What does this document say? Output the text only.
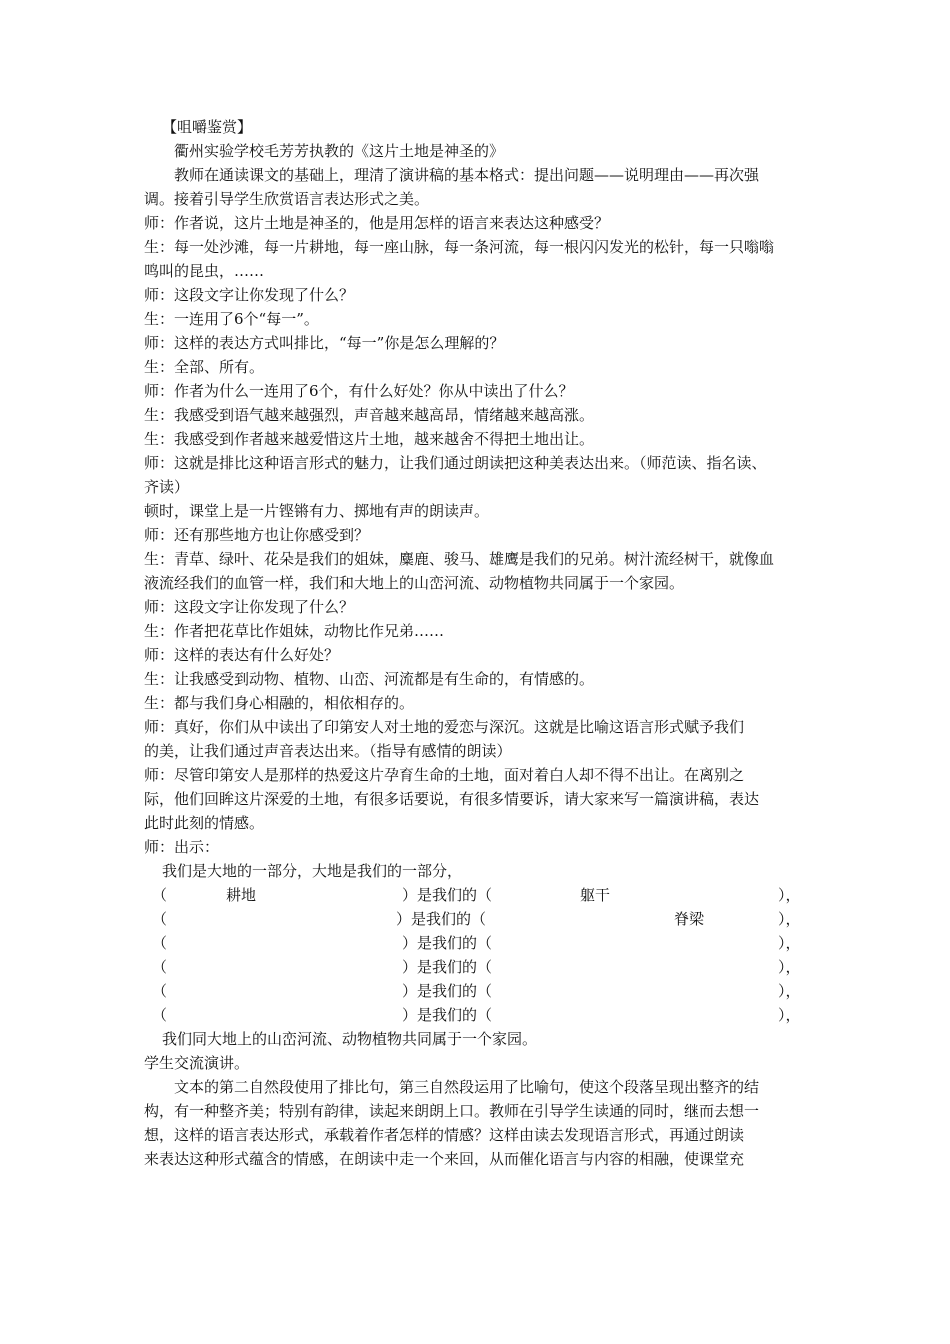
【咀嚼鉴赏】
衢州实验学校毛芳芳执教的《这片土地是神圣的》
教师在通读课文的基础上，理清了演讲稿的基本格式：提出问题——说明理由——再次强
调。接着引导学生欣赏语言表达形式之美。
师：作者说，这片土地是神圣的，他是用怎样的语言来表达这种感受？
生：每一处沙滩，每一片耕地，每一座山脉，每一条河流，每一根闪闪发光的松针，每一只嗡嗡
鸣叫的昆虫，……
师：这段文字让你发现了什么？
生：一连用了6个“每一”。
师：这样的表达方式叫排比，“每一”你是怎么理解的？
生：全部、所有。
师：作者为什么一连用了6个，有什么好处？你从中读出了什么？
生：我感受到语气越来越强烈，声音越来越高昂，情绪越来越高涨。
生：我感受到作者越来越爱惜这片土地，越来越舍不得把土地出让。
师：这就是排比这种语言形式的魅力，让我们通过朗读把这种美表达出来。（师范读、指名读、
齐读）
顿时，课堂上是一片铿锵有力、掷地有声的朗读声。
师：还有那些地方也让你感受到？
生：青草、绿叶、花朵是我们的姐妹，麋鹿、骏马、雄鹰是我们的兄弟。树汁流经树干，就像血
液流经我们的血管一样，我们和大地上的山峦河流、动物植物共同属于一个家园。
师：这段文字让你发现了什么？
生：作者把花草比作姐妹，动物比作兄弟……
师：这样的表达有什么好处？
生：让我感受到动物、植物、山峦、河流都是有生命的，有情感的。
生：都与我们身心相融的，相依相存的。
师：真好，你们从中读出了印第安人对土地的爱恋与深沉。这就是比喻这语言形式赋予我们
的美，让我们通过声音表达出来。（指导有感情的朗读）
师：尽管印第安人是那样的热爱这片孕育生命的土地，面对着白人却不得不出让。在离别之
际，他们回眸这片深爱的土地，有很多话要说，有很多情要诉，请大家来写一篇演讲稿，表达
此时此刻的情感。
师：出示：
我们是大地的一部分，大地是我们的一部分，
（	耕地	）是我们的（	躯干	），
（	）是我们的（	脊梁	），
（	）是我们的（	），
（	）是我们的（	），
（	）是我们的（	），
（	）是我们的（	），
我们同大地上的山峦河流、动物植物共同属于一个家园。
学生交流演讲。
文本的第二自然段使用了排比句，第三自然段运用了比喻句，使这个段落呈现出整齐的结
构，有一种整齐美；特别有韵律，读起来朗朗上口。教师在引导学生读通的同时，继而去想一
想，这样的语言表达形式，承载着作者怎样的情感？这样由读去发现语言形式，再通过朗读
来表达这种形式蕴含的情感，在朗读中走一个来回，从而催化语言与内容的相融，使课堂充
